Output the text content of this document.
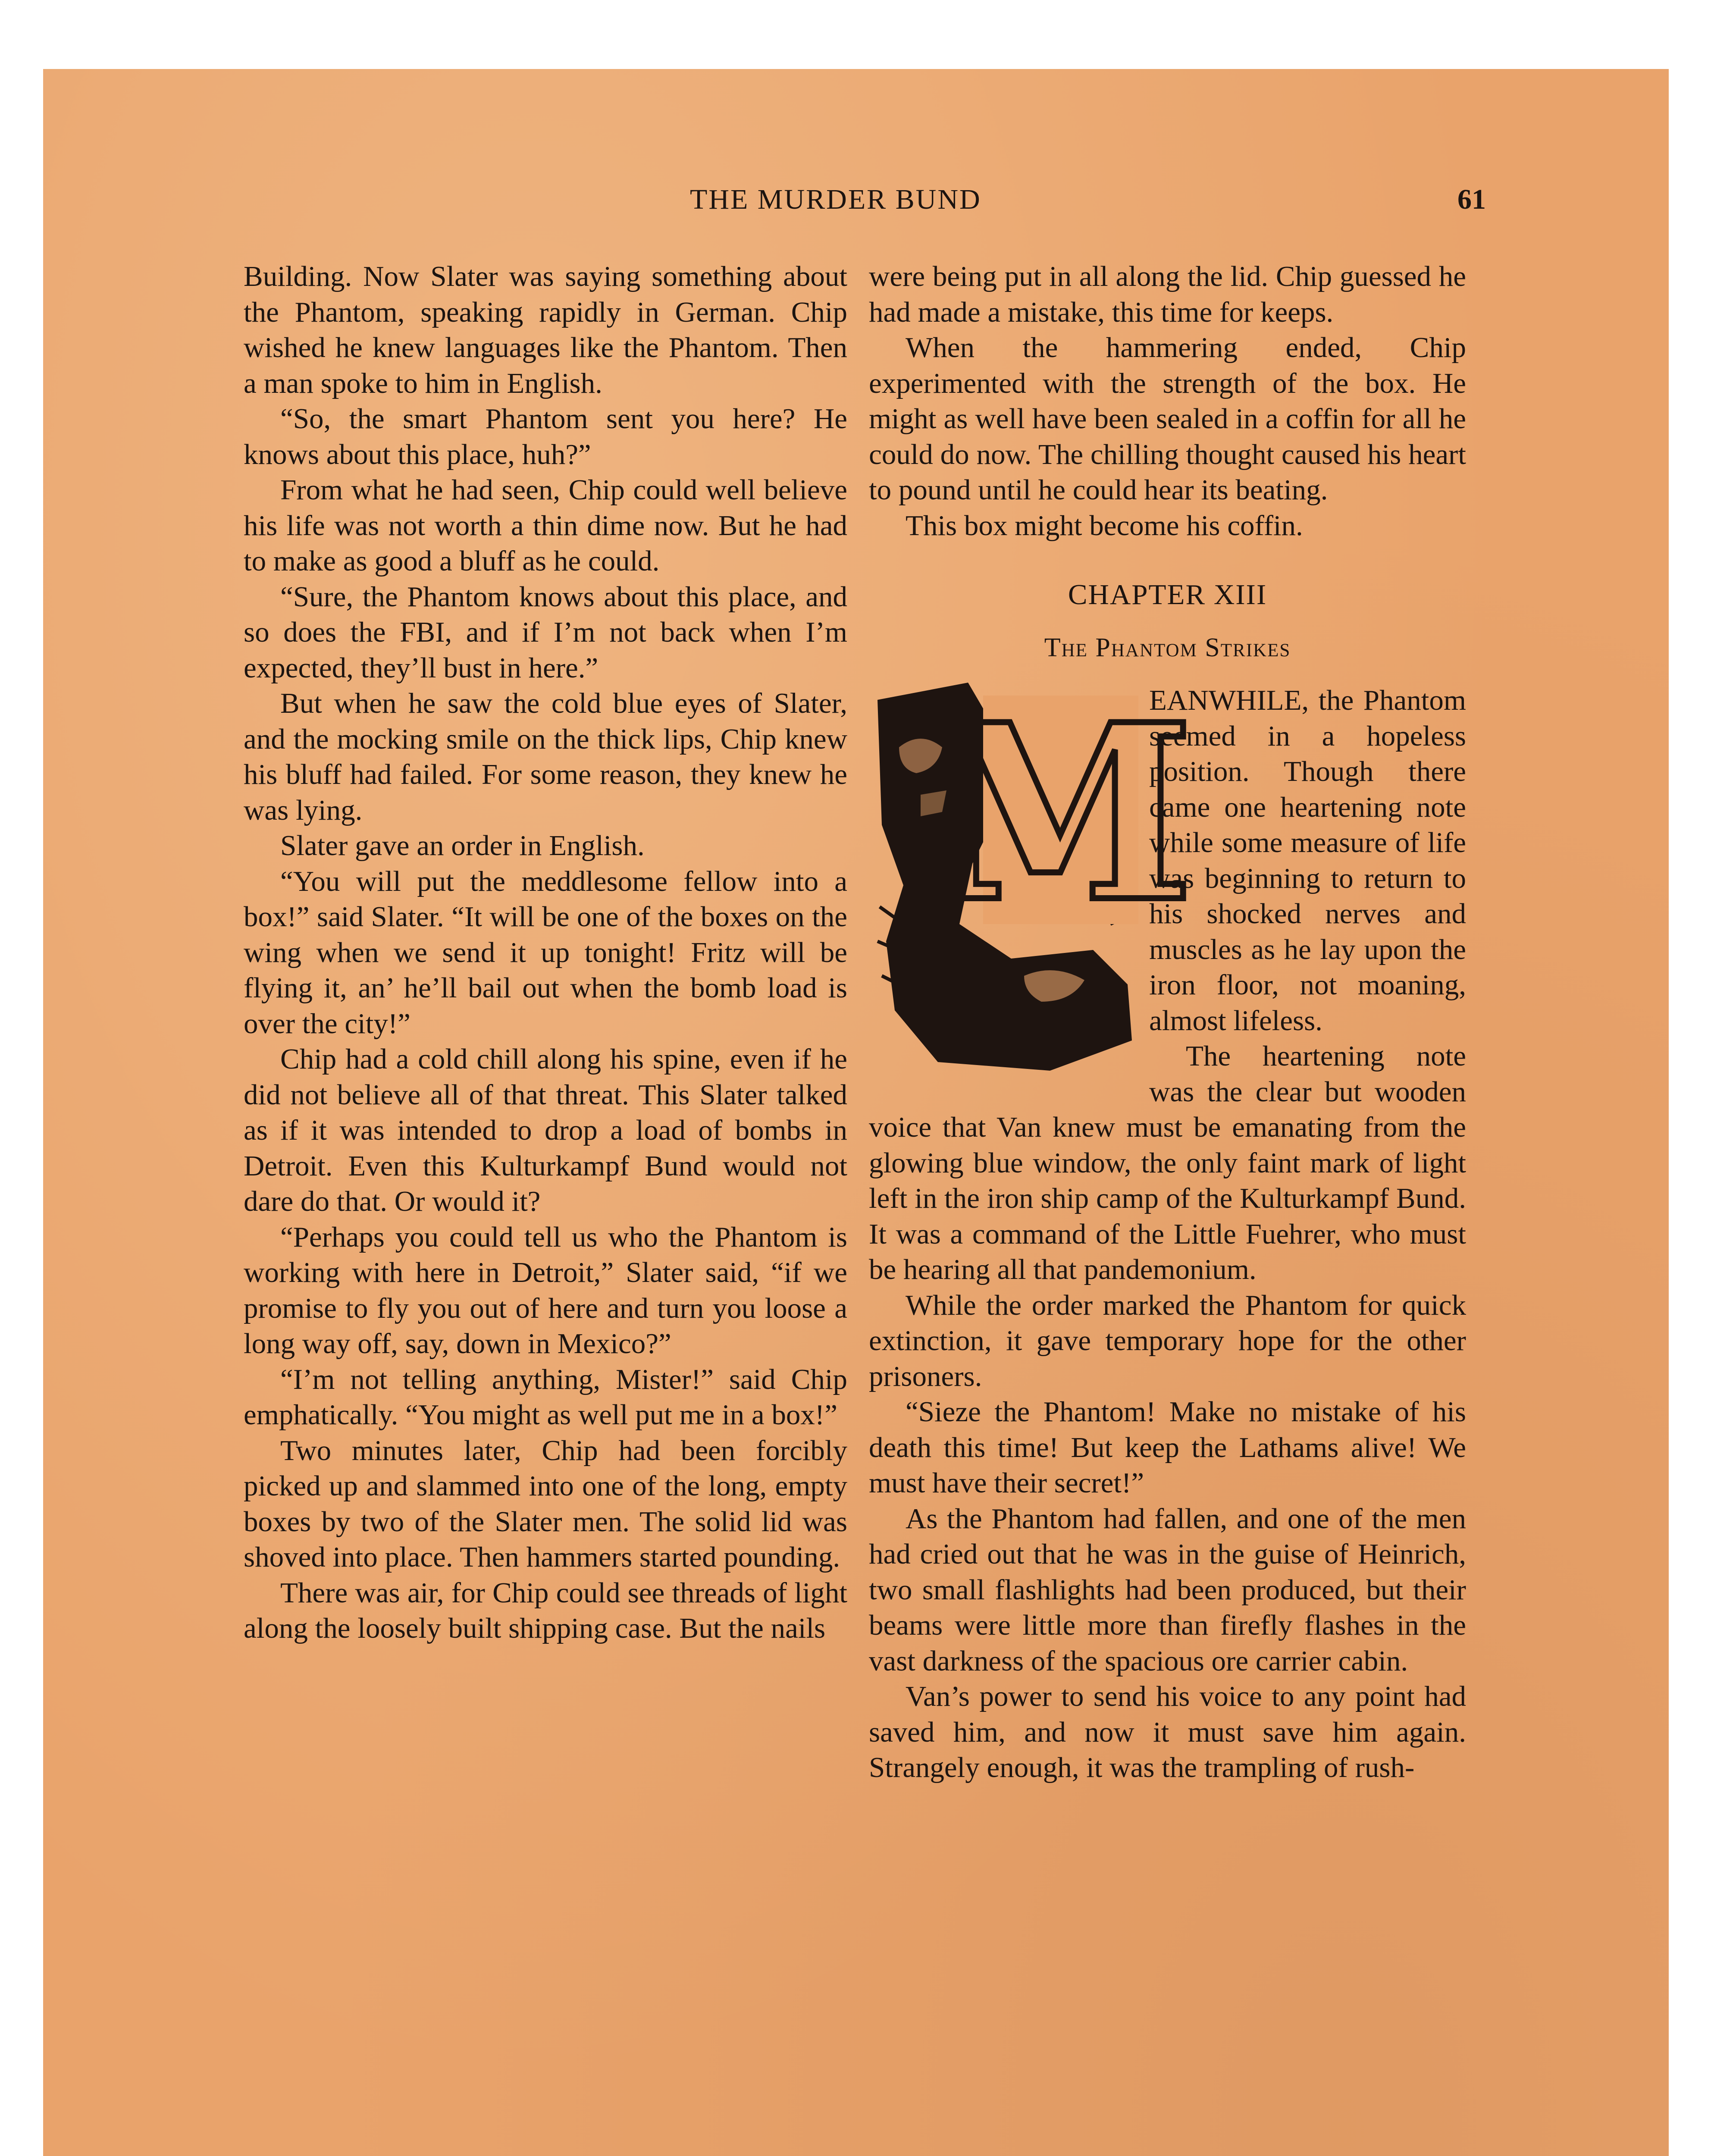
THE MURDER BUND	61

Building. Now Slater was saying something about the Phantom, speaking rapidly in German. Chip wished he knew languages like the Phantom. Then a man spoke to him in English.

“So, the smart Phantom sent you here? He knows about this place, huh?”

From what he had seen, Chip could well believe his life was not worth a thin dime now. But he had to make as good a bluff as he could.

“Sure, the Phantom knows about this place, and so does the FBI, and if I’m not back when I’m expected, they’ll bust in here.”

But when he saw the cold blue eyes of Slater, and the mocking smile on the thick lips, Chip knew his bluff had failed. For some reason, they knew he was lying.

Slater gave an order in English.

“You will put the meddlesome fellow into a box!” said Slater. “It will be one of the boxes on the wing when we send it up tonight! Fritz will be flying it, an’ he’ll bail out when the bomb load is over the city!”

Chip had a cold chill along his spine, even if he did not believe all of that threat. This Slater talked as if it was intended to drop a load of bombs in Detroit. Even this Kulturkampf Bund would not dare do that. Or would it?

“Perhaps you could tell us who the Phantom is working with here in Detroit,” Slater said, “if we promise to fly you out of here and turn you loose a long way off, say, down in Mexico?”

“I’m not telling anything, Mister!” said Chip emphatically. “You might as well put me in a box!”

Two minutes later, Chip had been forcibly picked up and slammed into one of the long, empty boxes by two of the Slater men. The solid lid was shoved into place. Then hammers started pounding.

There was air, for Chip could see threads of light along the loosely built shipping case. But the nails

were being put in all along the lid. Chip guessed he had made a mistake, this time for keeps.

When the hammering ended, Chip experimented with the strength of the box. He might as well have been sealed in a coffin for all he could do now. The chilling thought caused his heart to pound until he could hear its beating.

This box might become his coffin.

CHAPTER XIII
The Phantom Strikes
M

EANWHILE, the Phantom seemed in a hopeless position. Though there came one heartening note while some measure of life was beginning to return to his shocked nerves and muscles as he lay upon the iron floor, not moaning, almost lifeless.

The heartening note was the clear but wooden voice that Van knew must be emanating from the glowing blue window, the only faint mark of light left in the iron ship camp of the Kulturkampf Bund. It was a command of the Little Fuehrer, who must be hearing all that pandemonium.

While the order marked the Phantom for quick extinction, it gave temporary hope for the other prisoners.

“Sieze the Phantom! Make no mistake of his death this time! But keep the Lathams alive! We must have their secret!”

As the Phantom had fallen, and one of the men had cried out that he was in the guise of Heinrich, two small flashlights had been produced, but their beams were little more than firefly flashes in the vast darkness of the spacious ore carrier cabin.

Van’s power to send his voice to any point had saved him, and now it must save him again. Strangely enough, it was the trampling of rush-
